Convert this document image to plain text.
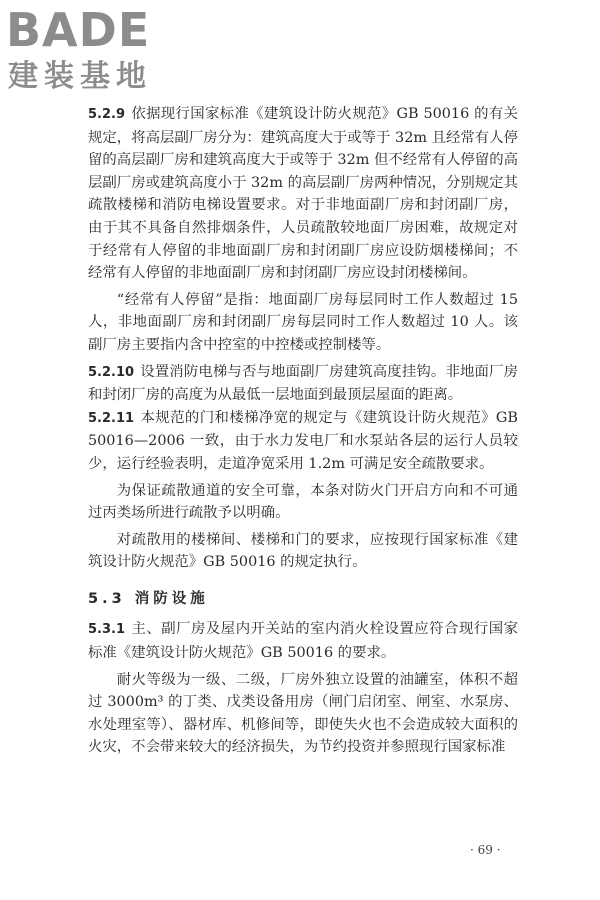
BADE
建装基地

5.2.9 依据现行国家标准《建筑设计防火规范》GB 50016 的有关规定，将高层副厂房分为：建筑高度大于或等于 32m 且经常有人停留的高层副厂房和建筑高度大于或等于 32m 但不经常有人停留的高层副厂房或建筑高度小于 32m 的高层副厂房两种情况，分别规定其疏散楼梯和消防电梯设置要求。对于非地面副厂房和封闭副厂房，由于其不具备自然排烟条件，人员疏散较地面厂房困难，故规定对于经常有人停留的非地面副厂房和封闭副厂房应设防烟楼梯间；不经常有人停留的非地面副厂房和封闭副厂房应设封闭楼梯间。

“经常有人停留”是指：地面副厂房每层同时工作人数超过 15 人，非地面副厂房和封闭副厂房每层同时工作人数超过 10 人。该副厂房主要指内含中控室的中控楼或控制楼等。

5.2.10 设置消防电梯与否与地面副厂房建筑高度挂钩。非地面厂房和封闭厂房的高度为从最低一层地面到最顶层屋面的距离。

5.2.11 本规范的门和楼梯净宽的规定与《建筑设计防火规范》GB 50016—2006 一致，由于水力发电厂和水泵站各层的运行人员较少，运行经验表明，走道净宽采用 1.2m 可满足安全疏散要求。

为保证疏散通道的安全可靠，本条对防火门开启方向和不可通过丙类场所进行疏散予以明确。

对疏散用的楼梯间、楼梯和门的要求，应按现行国家标准《建筑设计防火规范》GB 50016 的规定执行。

5.3 消防设施

5.3.1 主、副厂房及屋内开关站的室内消火栓设置应符合现行国家标准《建筑设计防火规范》GB 50016 的要求。

耐火等级为一级、二级，厂房外独立设置的油罐室，体积不超过 3000m³ 的丁类、戊类设备用房（闸门启闭室、闸室、水泵房、水处理室等）、器材库、机修间等，即使失火也不会造成较大面积的火灾，不会带来较大的经济损失，为节约投资并参照现行国家标准

· 69 ·
